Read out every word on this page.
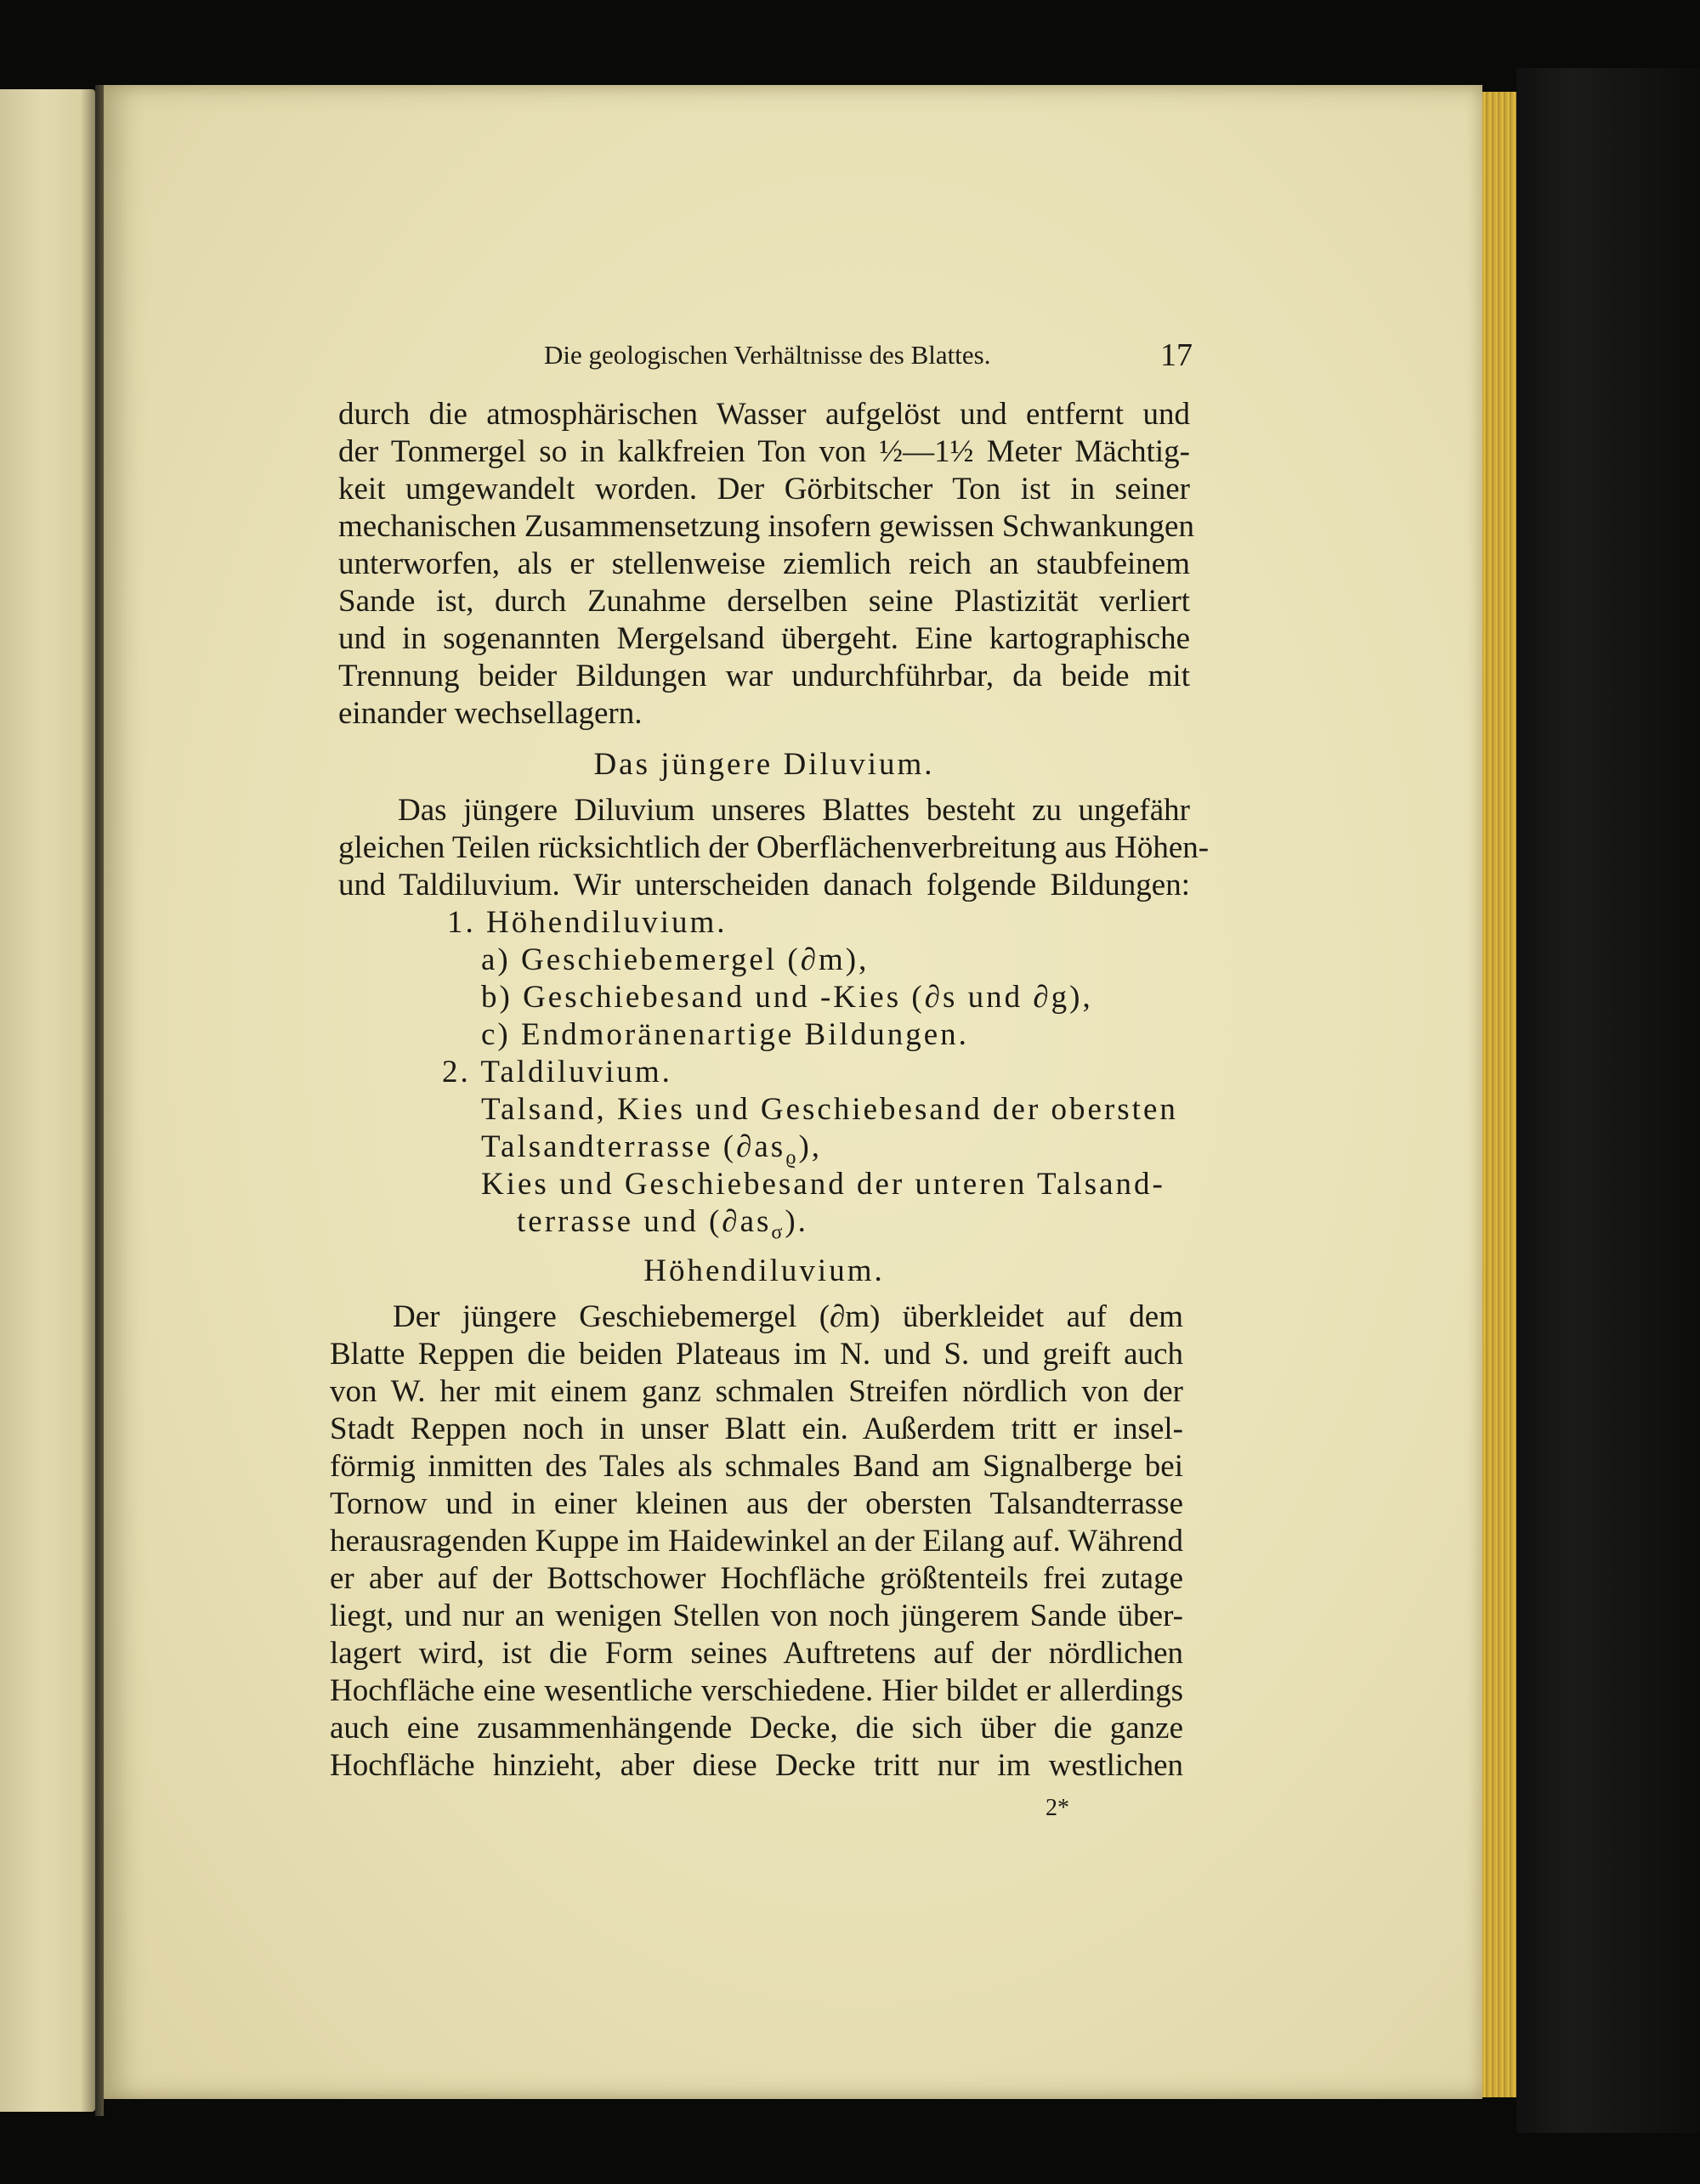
Die geologischen Verhältnisse des Blattes.	17

durch die atmosphärischen Wasser aufgelöst und entfernt und

der Tonmergel so in kalkfreien Ton von ½—1½ Meter Mächtig-

keit umgewandelt worden. Der Görbitscher Ton ist in seiner

mechanischen Zusammensetzung insofern gewissen Schwankungen

unterworfen, als er stellenweise ziemlich reich an staubfeinem

Sande ist, durch Zunahme derselben seine Plastizität verliert

und in sogenannten Mergelsand übergeht. Eine kartographische

Trennung beider Bildungen war undurchführbar, da beide mit

einander wechsellagern.

Das jüngere Diluvium.

Das jüngere Diluvium unseres Blattes besteht zu ungefähr

gleichen Teilen rücksichtlich der Oberflächenverbreitung aus Höhen-

und Taldiluvium. Wir unterscheiden danach folgende Bildungen:

1. Höhendiluvium.

a) Geschiebemergel (∂m),

b) Geschiebesand und -Kies (∂s und ∂g),

c) Endmoränenartige Bildungen.

2. Taldiluvium.

Talsand, Kies und Geschiebesand der obersten

Talsandterrasse $(\partial as_ϱ)$,

Kies und Geschiebesand der unteren Talsand-

terrasse und $(\partial as_\sigma)$.

Höhendiluvium.

Der jüngere Geschiebemergel (∂m) überkleidet auf dem

Blatte Reppen die beiden Plateaus im N. und S. und greift auch

von W. her mit einem ganz schmalen Streifen nördlich von der

Stadt Reppen noch in unser Blatt ein. Außerdem tritt er insel-

förmig inmitten des Tales als schmales Band am Signalberge bei

Tornow und in einer kleinen aus der obersten Talsandterrasse

herausragenden Kuppe im Haidewinkel an der Eilang auf. Während

er aber auf der Bottschower Hochfläche größtenteils frei zutage

liegt, und nur an wenigen Stellen von noch jüngerem Sande über-

lagert wird, ist die Form seines Auftretens auf der nördlichen

Hochfläche eine wesentliche verschiedene. Hier bildet er allerdings

auch eine zusammenhängende Decke, die sich über die ganze

Hochfläche hinzieht, aber diese Decke tritt nur im westlichen

2*
